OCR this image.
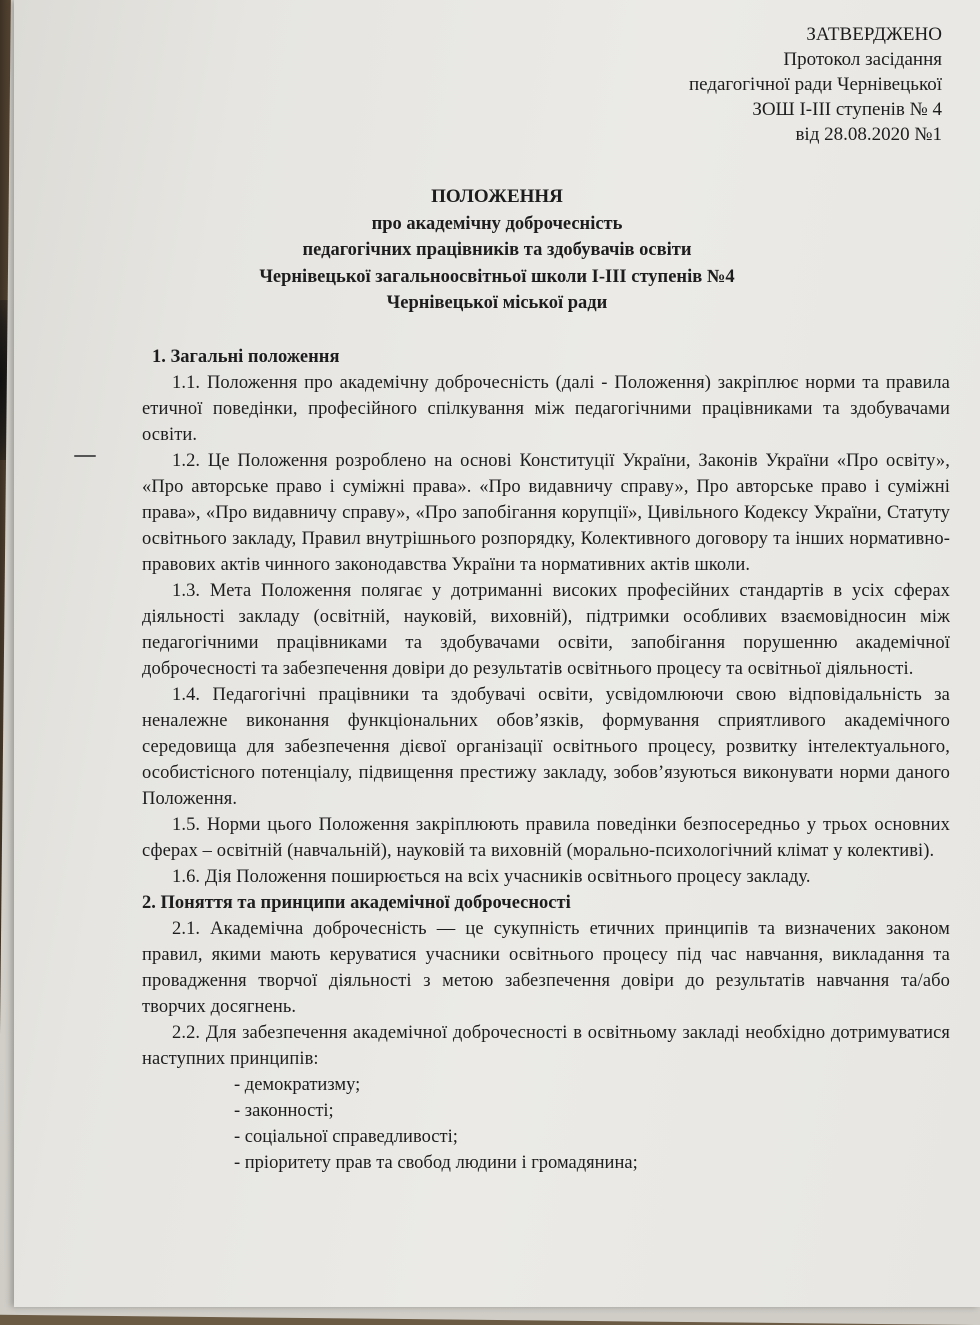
ЗАТВЕРДЖЕНО
Протокол засідання
педагогічної ради Чернівецької
ЗОШ І-ІІІ ступенів № 4
від 28.08.2020 №1
ПОЛОЖЕННЯ
про академічну доброчесність
педагогічних працівників та здобувачів освіти
Чернівецької загальноосвітньої школи І-ІІІ ступенів №4
Чернівецької міської ради

1. Загальні положення

1.1. Положення про академічну доброчесність (далі - Положення) закріплює норми та правила етичної поведінки, професійного спілкування між педагогічними працівниками та здобувачами освіти.

1.2. Це Положення розроблено на основі Конституції України, Законів України «Про освіту», «Про авторське право і суміжні права». «Про видавничу справу», Про авторське право і суміжні права», «Про видавничу справу», «Про запобігання корупції», Цивільного Кодексу України, Статуту освітнього закладу, Правил внутрішнього розпорядку, Колективного договору та інших нормативно-правових актів чинного законодавства України та нормативних актів школи.

1.3. Мета Положення полягає у дотриманні високих професійних стандартів в усіх сферах діяльності закладу (освітній, науковій, виховній), підтримки особливих взаємовідносин між педагогічними працівниками та здобувачами освіти, запобігання порушенню академічної доброчесності та забезпечення довіри до результатів освітнього процесу та освітньої діяльності.

1.4. Педагогічні працівники та здобувачі освіти, усвідомлюючи свою відповідальність за неналежне виконання функціональних обов’язків, формування сприятливого академічного середовища для забезпечення дієвої організації освітнього процесу, розвитку інтелектуального, особистісного потенціалу, підвищення престижу закладу, зобов’язуються виконувати норми даного Положення.

1.5. Норми цього Положення закріплюють правила поведінки безпосередньо у трьох основних сферах – освітній (навчальній), науковій та виховній (морально-психологічний клімат у колективі).

1.6. Дія Положення поширюється на всіх учасників освітнього процесу закладу.

2. Поняття та принципи академічної доброчесності

2.1. Академічна доброчесність — це сукупність етичних принципів та визначених законом правил, якими мають керуватися учасники освітнього процесу під час навчання, викладання та провадження творчої діяльності з метою забезпечення довіри до результатів навчання та/або творчих досягнень.

2.2. Для забезпечення академічної доброчесності в освітньому закладі необхідно дотримуватися наступних принципів:

- демократизму;
- законності;
- соціальної справедливості;
- пріоритету прав та свобод людини і громадянина;
